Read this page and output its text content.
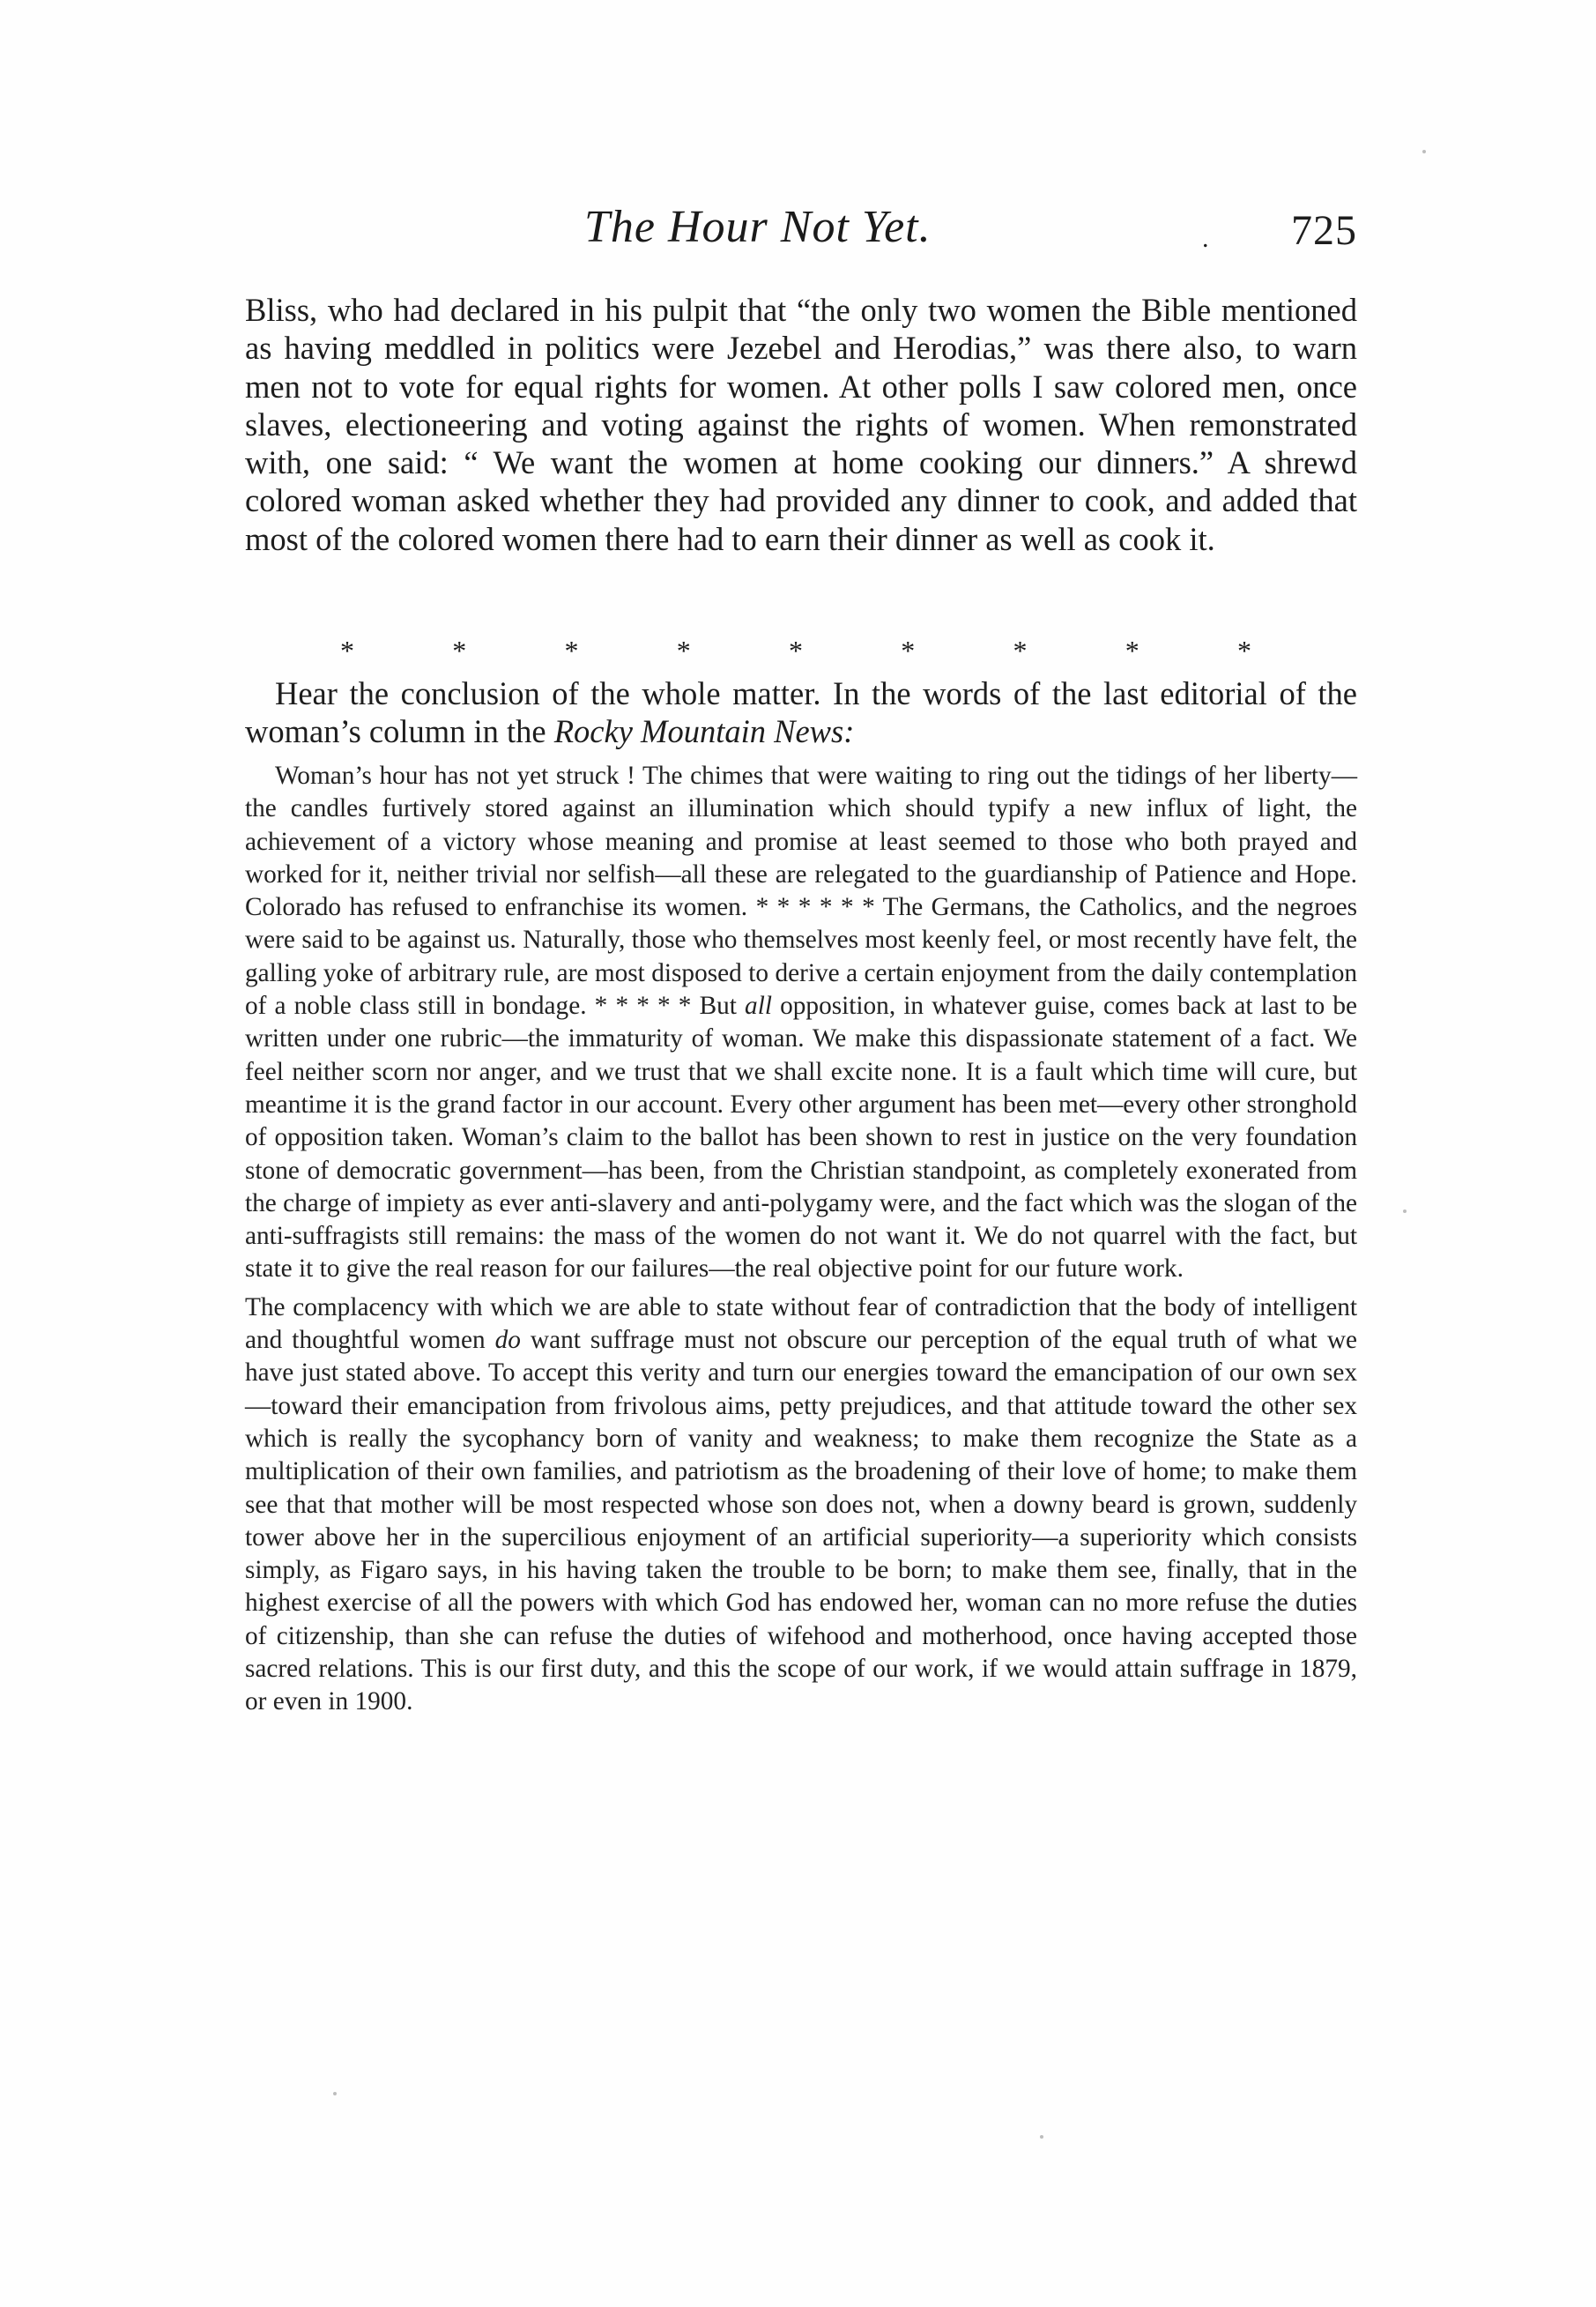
The Hour Not Yet.	. 725

Bliss, who had declared in his pulpit that “the only two women the Bible mentioned as having meddled in politics were Jezebel and Herodias,” was there also, to warn men not to vote for equal rights for women. At other polls I saw colored men, once slaves, electioneering and voting against the rights of women. When remonstrated with, one said: “ We want the women at home cooking our dinners.” A shrewd colored woman asked whether they had provided any dinner to cook, and added that most of the colored women there had to earn their dinner as well as cook it.

*	*	*	*	*	*	*	*	*

Hear the conclusion of the whole matter. In the words of the last editorial of the woman’s column in the Rocky Mountain News:

Woman’s hour has not yet struck ! The chimes that were waiting to ring out the tidings of her liberty—the candles furtively stored against an illumination which should typify a new influx of light, the achievement of a victory whose meaning and promise at least seemed to those who both prayed and worked for it, neither trivial nor selfish—all these are relegated to the guardianship of Patience and Hope. Colorado has refused to enfranchise its women. * * * * * * The Germans, the Catholics, and the negroes were said to be against us. Naturally, those who themselves most keenly feel, or most recently have felt, the galling yoke of arbitrary rule, are most disposed to derive a certain enjoyment from the daily contemplation of a noble class still in bondage. * * * * * But all opposition, in whatever guise, comes back at last to be written under one rubric—the immaturity of woman. We make this dispassionate statement of a fact. We feel neither scorn nor anger, and we trust that we shall excite none. It is a fault which time will cure, but meantime it is the grand factor in our account. Every other argument has been met—every other stronghold of opposition taken. Woman’s claim to the ballot has been shown to rest in justice on the very foundation stone of democratic government—has been, from the Christian standpoint, as completely exonerated from the charge of impiety as ever anti-slavery and anti-polygamy were, and the fact which was the slogan of the anti-suffragists still remains: the mass of the women do not want it. We do not quarrel with the fact, but state it to give the real reason for our failures—the real objective point for our future work.

The complacency with which we are able to state without fear of contradiction that the body of intelligent and thoughtful women do want suffrage must not obscure our perception of the equal truth of what we have just stated above. To accept this verity and turn our energies toward the emancipation of our own sex—toward their emancipation from frivolous aims, petty prejudices, and that attitude toward the other sex which is really the sycophancy born of vanity and weakness; to make them recognize the State as a multiplication of their own families, and patriotism as the broadening of their love of home; to make them see that that mother will be most respected whose son does not, when a downy beard is grown, suddenly tower above her in the supercilious enjoyment of an artificial superiority—a superiority which consists simply, as Figaro says, in his having taken the trouble to be born; to make them see, finally, that in the highest exercise of all the powers with which God has endowed her, woman can no more refuse the duties of citizenship, than she can refuse the duties of wifehood and motherhood, once having accepted those sacred relations. This is our first duty, and this the scope of our work, if we would attain suffrage in 1879, or even in 1900.
